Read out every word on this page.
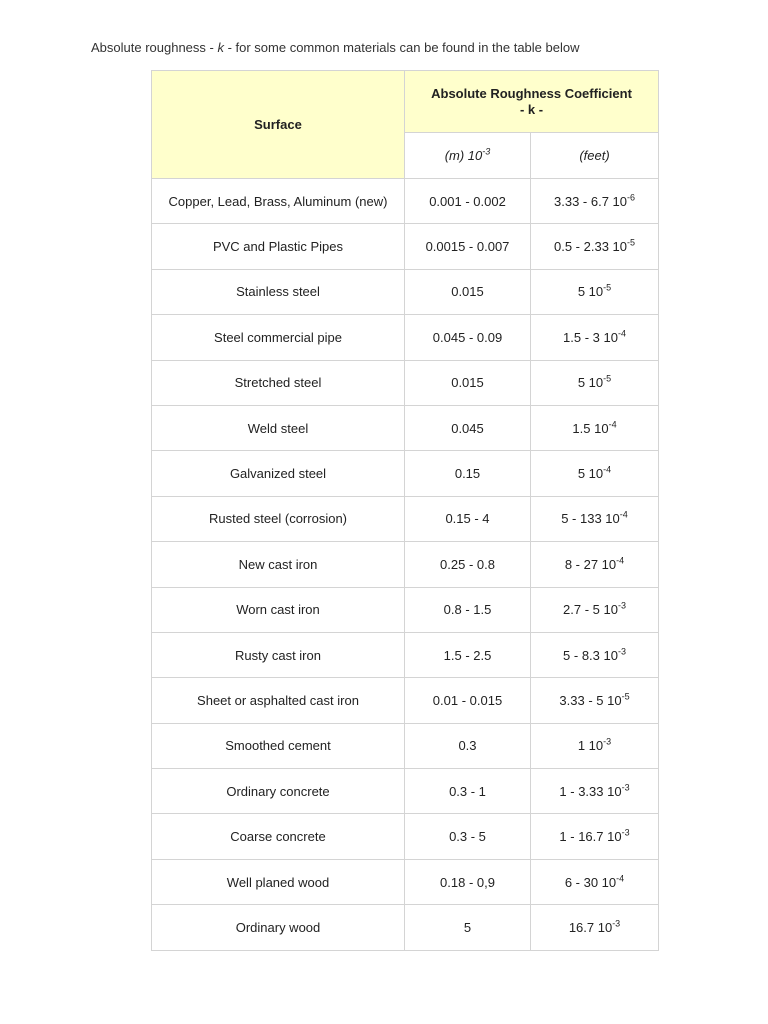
Absolute roughness - k - for some common materials can be found in the table below
Surface	Absolute Roughness Coefficient
- k -	

	(m) $10^{-3}$	(feet)
Copper, Lead, Brass, Aluminum (new)	0.001 - 0.002	3.33 - 6.7 $10^{-6}$
PVC and Plastic Pipes	0.0015 - 0.007	0.5 - 2.33 $10^{-5}$
Stainless steel	0.015	5 $10^{-5}$
Steel commercial pipe	0.045 - 0.09	1.5 - 3 $10^{-4}$
Stretched steel	0.015	5 $10^{-5}$
Weld steel	0.045	1.5 $10^{-4}$
Galvanized steel	0.15	5 $10^{-4}$
Rusted steel (corrosion)	0.15 - 4	5 - 133 $10^{-4}$
New cast iron	0.25 - 0.8	8 - 27 $10^{-4}$
Worn cast iron	0.8 - 1.5	2.7 - 5 $10^{-3}$
Rusty cast iron	1.5 - 2.5	5 - 8.3 $10^{-3}$
Sheet or asphalted cast iron	0.01 - 0.015	3.33 - 5 $10^{-5}$
Smoothed cement	0.3	1 $10^{-3}$
Ordinary concrete	0.3 - 1	1 - 3.33 $10^{-3}$
Coarse concrete	0.3 - 5	1 - 16.7 $10^{-3}$
Well planed wood	0.18 - 0,9	6 - 30 $10^{-4}$
Ordinary wood	5	16.7 $10^{-3}$
